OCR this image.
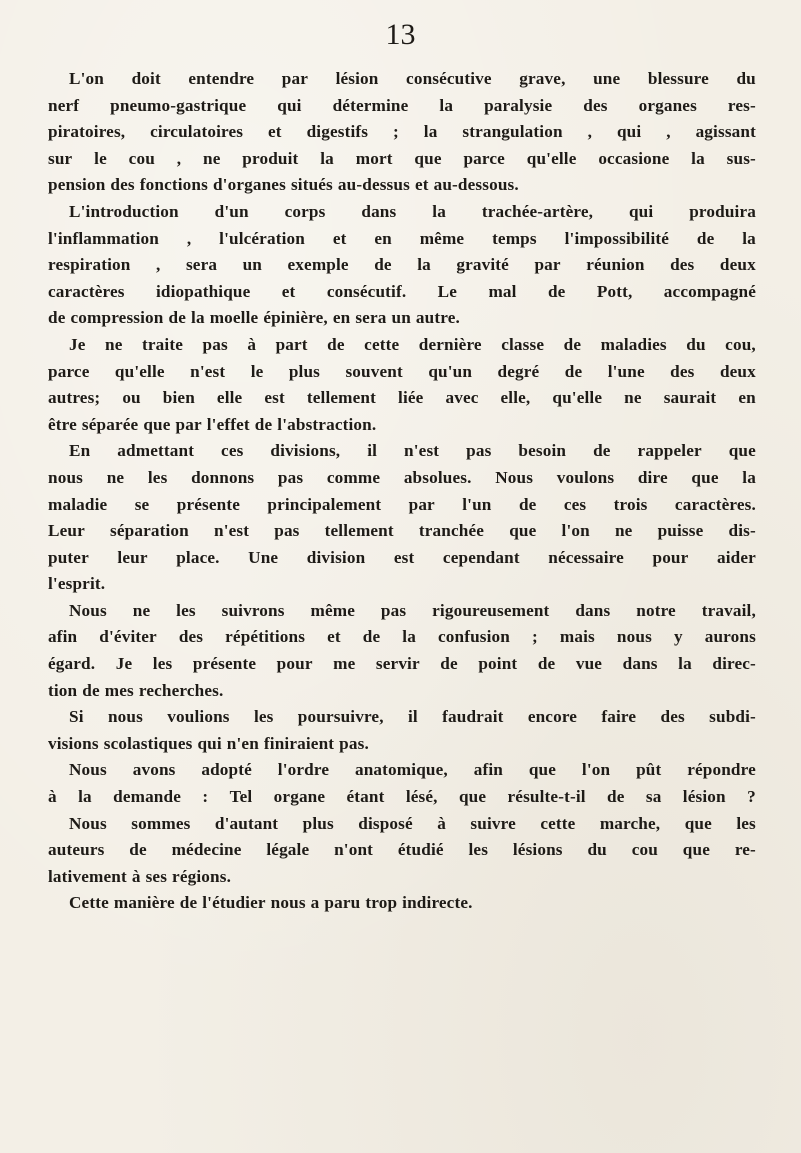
13
L'on doit entendre par lésion consécutive grave, une blessure du
nerf pneumo-gastrique qui détermine la paralysie des organes res-
piratoires, circulatoires et digestifs ; la strangulation , qui , agissant
sur le cou , ne produit la mort que parce qu'elle occasione la sus-
pension des fonctions d'organes situés au-dessus et au-dessous.
L'introduction d'un corps dans la trachée-artère, qui produira
l'inflammation , l'ulcération et en même temps l'impossibilité de la
respiration , sera un exemple de la gravité par réunion des deux
caractères idiopathique et consécutif. Le mal de Pott, accompagné
de compression de la moelle épinière, en sera un autre.
Je ne traite pas à part de cette dernière classe de maladies du cou,
parce qu'elle n'est le plus souvent qu'un degré de l'une des deux
autres; ou bien elle est tellement liée avec elle, qu'elle ne saurait en
être séparée que par l'effet de l'abstraction.
En admettant ces divisions, il n'est pas besoin de rappeler que
nous ne les donnons pas comme absolues. Nous voulons dire que la
maladie se présente principalement par l'un de ces trois caractères.
Leur séparation n'est pas tellement tranchée que l'on ne puisse dis-
puter leur place. Une division est cependant nécessaire pour aider
l'esprit.
Nous ne les suivrons même pas rigoureusement dans notre travail,
afin d'éviter des répétitions et de la confusion ; mais nous y aurons
égard. Je les présente pour me servir de point de vue dans la direc-
tion de mes recherches.
Si nous voulions les poursuivre, il faudrait encore faire des subdi-
visions scolastiques qui n'en finiraient pas.
Nous avons adopté l'ordre anatomique, afin que l'on pût répondre
à la demande : Tel organe étant lésé, que résulte-t-il de sa lésion ?
Nous sommes d'autant plus disposé à suivre cette marche, que les
auteurs de médecine légale n'ont étudié les lésions du cou que re-
lativement à ses régions.
Cette manière de l'étudier nous a paru trop indirecte.
